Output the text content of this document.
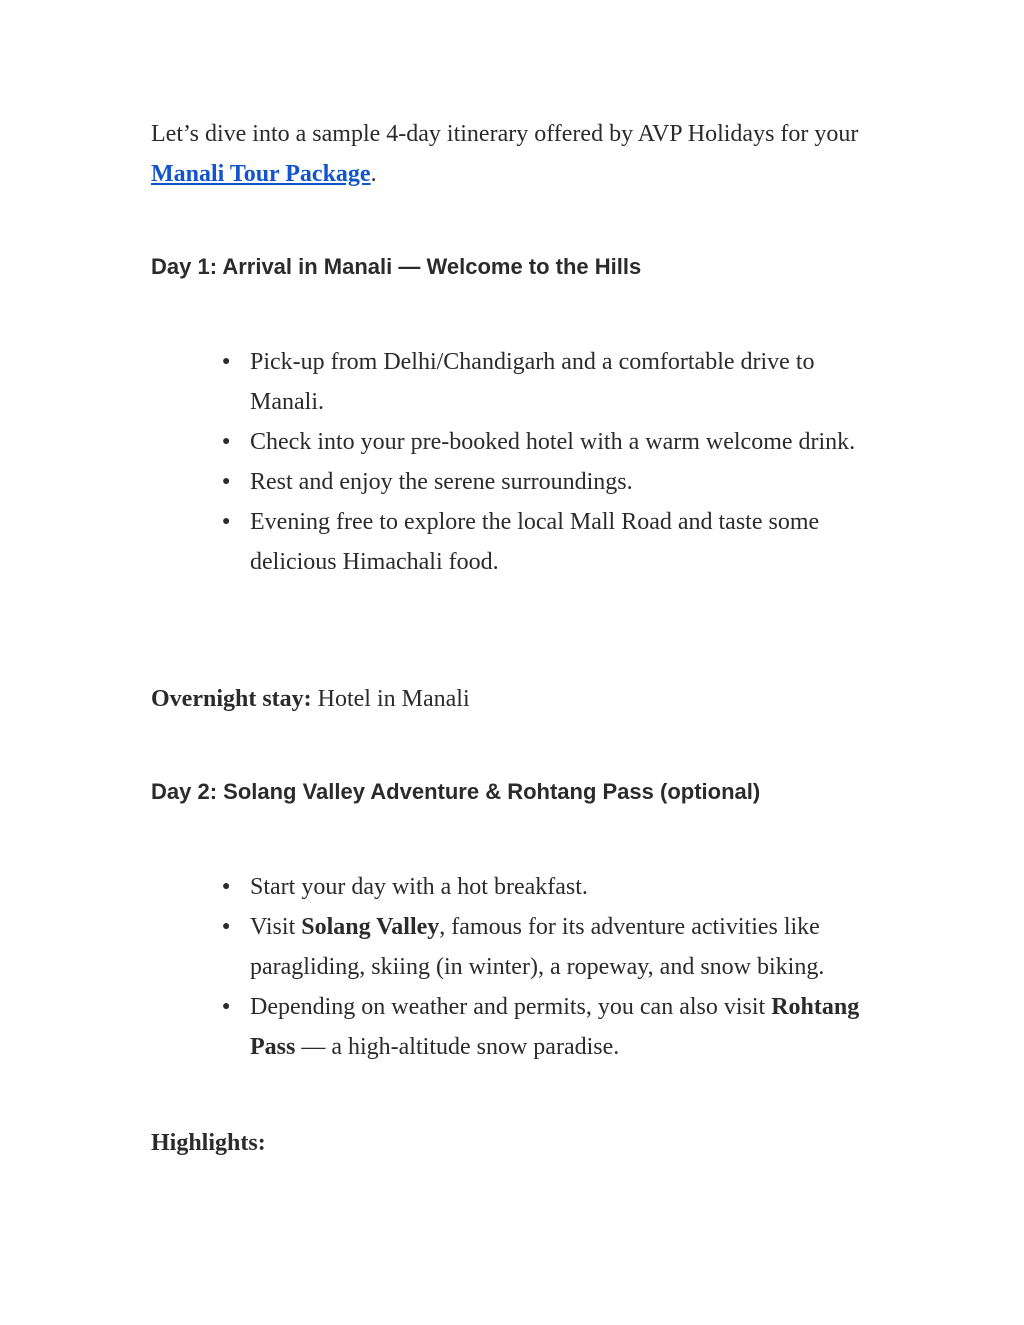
Let’s dive into a sample 4-day itinerary offered by AVP Holidays for your Manali Tour Package.

Day 1: Arrival in Manali — Welcome to the Hills
● Pick-up from Delhi/Chandigarh and a comfortable drive to Manali.
● Check into your pre-booked hotel with a warm welcome drink.
● Rest and enjoy the serene surroundings.
● Evening free to explore the local Mall Road and taste some delicious Himachali food.

Overnight stay: Hotel in Manali

Day 2: Solang Valley Adventure & Rohtang Pass (optional)
● Start your day with a hot breakfast.
● Visit Solang Valley, famous for its adventure activities like paragliding, skiing (in winter), a ropeway, and snow biking.
● Depending on weather and permits, you can also visit Rohtang Pass — a high-altitude snow paradise.

Highlights:
